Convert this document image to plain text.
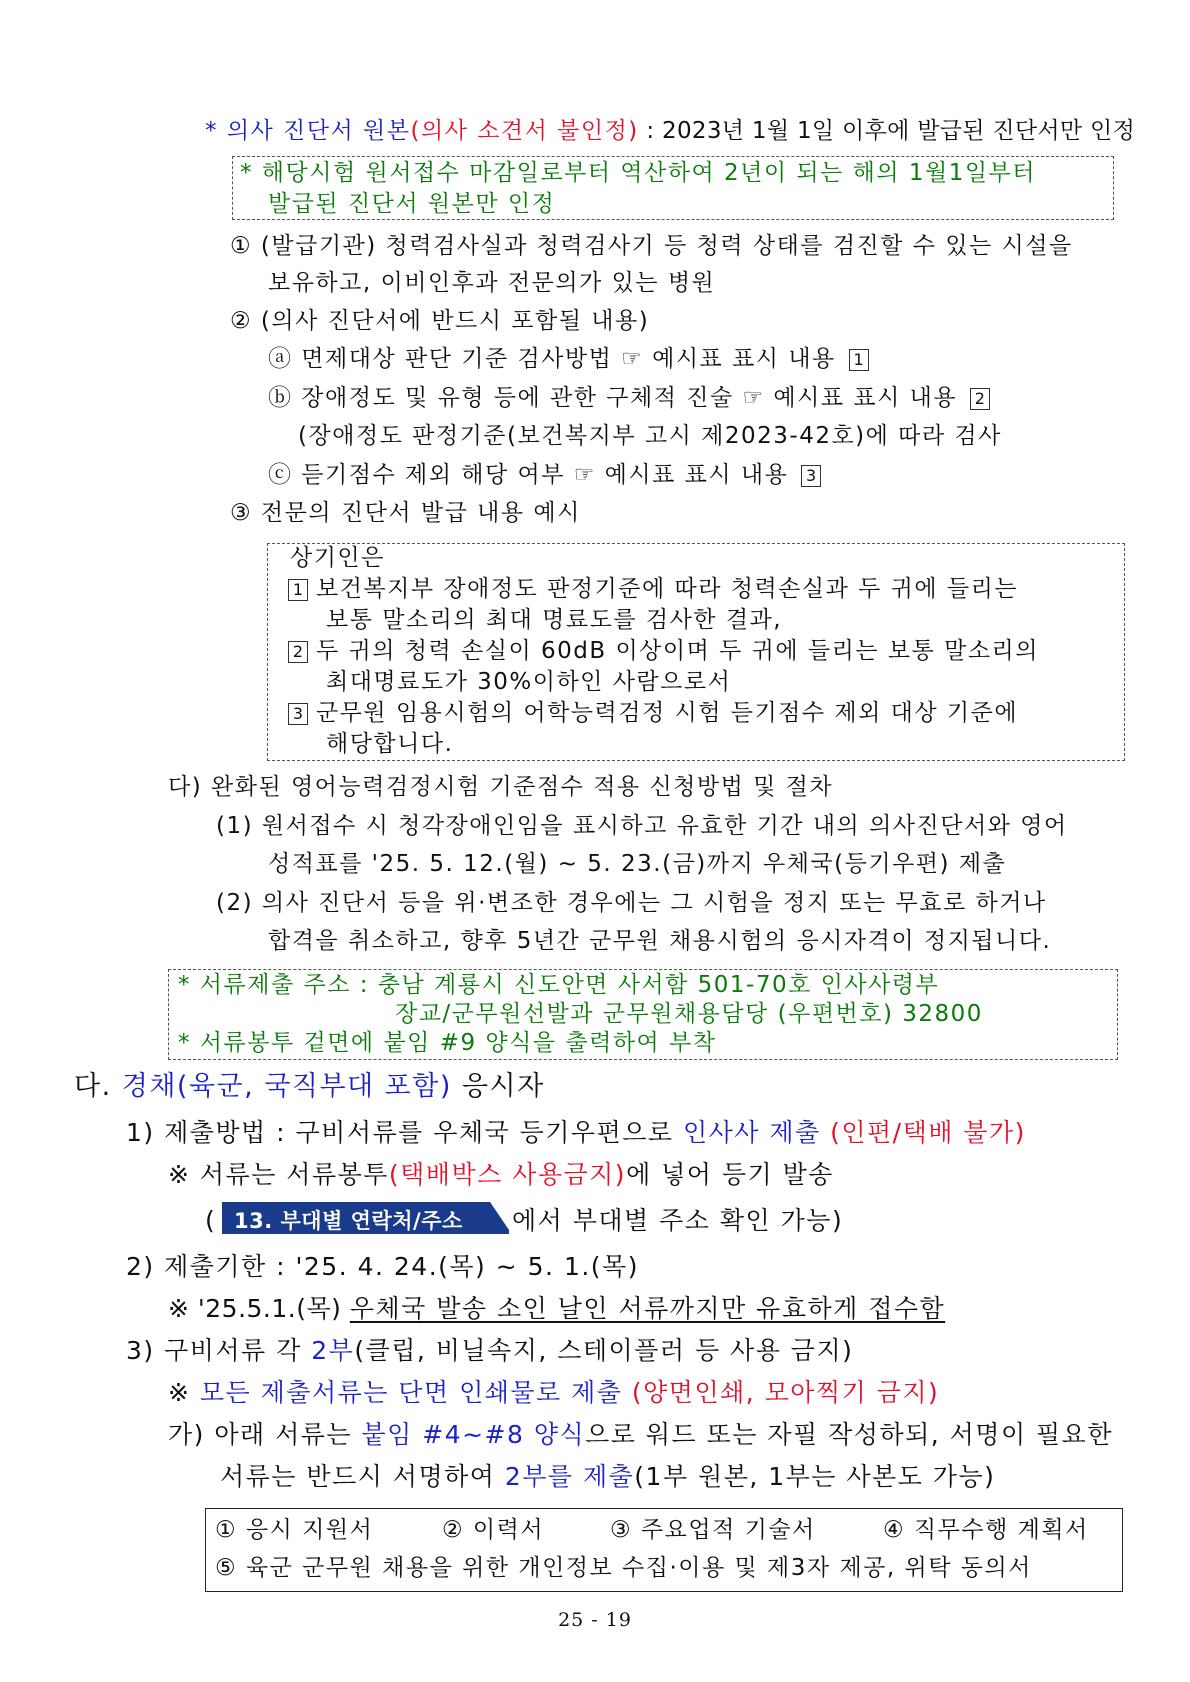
* 의사 진단서 원본(의사 소견서 불인정) : 2023년 1월 1일 이후에 발급된 진단서만 인정
* 해당시험 원서접수 마감일로부터 역산하여 2년이 되는 해의 1월1일부터
발급된 진단서 원본만 인정
① (발급기관) 청력검사실과 청력검사기 등 청력 상태를 검진할 수 있는 시설을
보유하고, 이비인후과 전문의가 있는 병원
② (의사 진단서에 반드시 포함될 내용)
ⓐ 면제대상 판단 기준 검사방법 ☞ 예시표 표시 내용 1
ⓑ 장애정도 및 유형 등에 관한 구체적 진술 ☞ 예시표 표시 내용 2
(장애정도 판정기준(보건복지부 고시 제2023-42호)에 따라 검사
ⓒ 듣기점수 제외 해당 여부 ☞ 예시표 표시 내용 3
③ 전문의 진단서 발급 내용 예시
상기인은
1 보건복지부 장애정도 판정기준에 따라 청력손실과 두 귀에 들리는
보통 말소리의 최대 명료도를 검사한 결과,
2 두 귀의 청력 손실이 60dB 이상이며 두 귀에 들리는 보통 말소리의
최대명료도가 30%이하인 사람으로서
3 군무원 임용시험의 어학능력검정 시험 듣기점수 제외 대상 기준에
해당합니다.
다) 완화된 영어능력검정시험 기준점수 적용 신청방법 및 절차
(1) 원서접수 시 청각장애인임을 표시하고 유효한 기간 내의 의사진단서와 영어
성적표를 '25. 5. 12.(월) ~ 5. 23.(금)까지 우체국(등기우편) 제출
(2) 의사 진단서 등을 위·변조한 경우에는 그 시험을 정지 또는 무효로 하거나
합격을 취소하고, 향후 5년간 군무원 채용시험의 응시자격이 정지됩니다.
* 서류제출 주소 : 충남 계룡시 신도안면 사서함 501-70호 인사사령부
장교/군무원선발과 군무원채용담당 (우편번호) 32800
* 서류봉투 겉면에 붙임 #9 양식을 출력하여 부착
다. 경채(육군, 국직부대 포함) 응시자
1) 제출방법 : 구비서류를 우체국 등기우편으로 인사사 제출 (인편/택배 불가)
※ 서류는 서류봉투(택배박스 사용금지)에 넣어 등기 발송
( 13. 부대별 연락처/주소 에서 부대별 주소 확인 가능)
2) 제출기한 : '25. 4. 24.(목) ~ 5. 1.(목)
※ '25.5.1.(목) 우체국 발송 소인 날인 서류까지만 유효하게 접수함
3) 구비서류 각 2부(클립, 비닐속지, 스테이플러 등 사용 금지)
※ 모든 제출서류는 단면 인쇄물로 제출 (양면인쇄, 모아찍기 금지)
가) 아래 서류는 붙임 #4~#8 양식으로 워드 또는 자필 작성하되, 서명이 필요한
서류는 반드시 서명하여 2부를 제출(1부 원본, 1부는 사본도 가능)
① 응시 지원서	② 이력서	③ 주요업적 기술서	④ 직무수행 계획서
⑤ 육군 군무원 채용을 위한 개인정보 수집·이용 및 제3자 제공, 위탁 동의서
25 - 19
